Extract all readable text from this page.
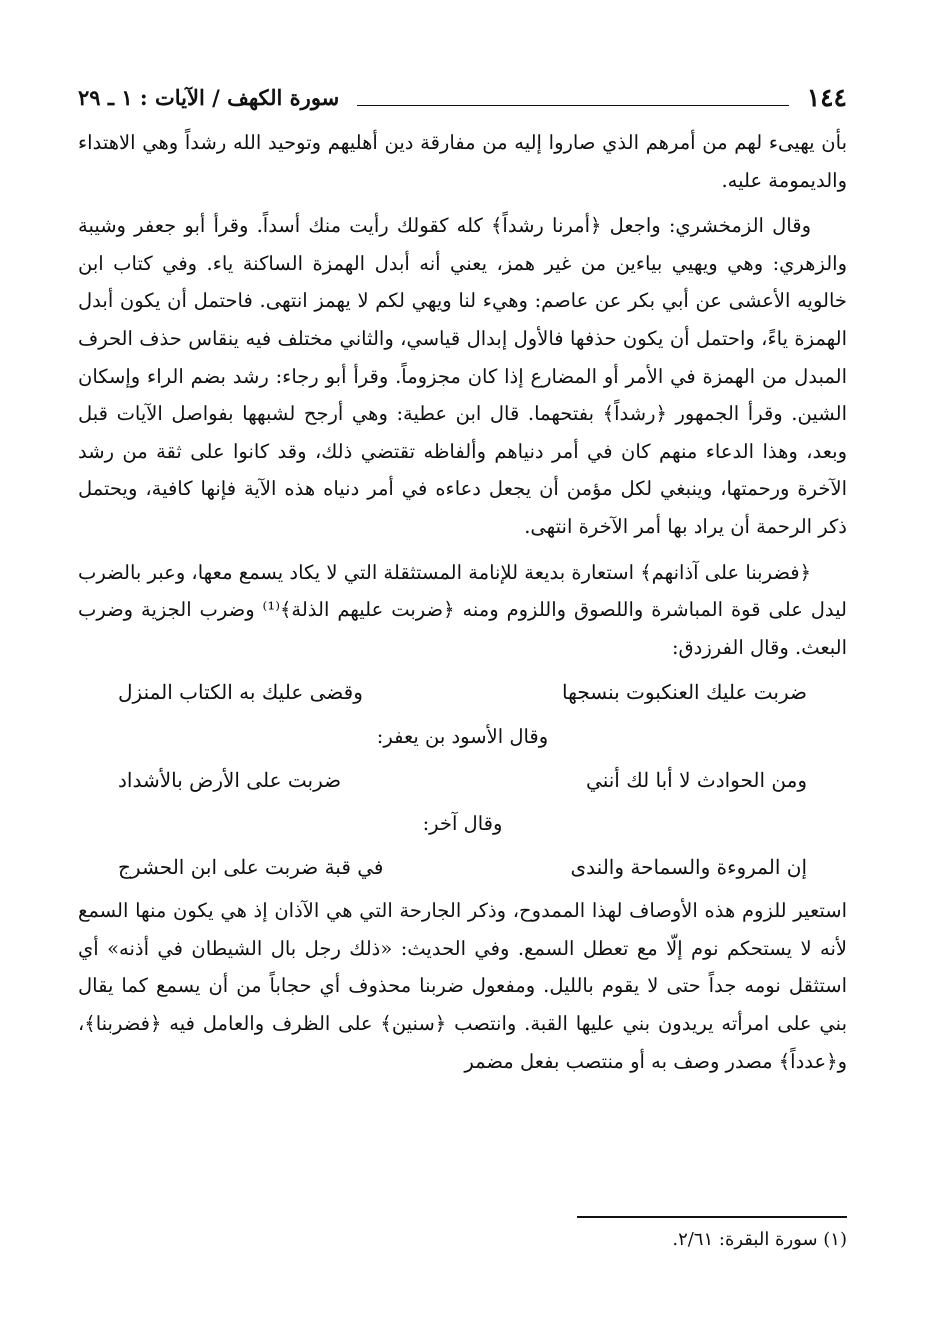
١٤٤
سورة الكهف / الآيات : ١ ـ ٢٩

بأن يهيىء لهم من أمرهم الذي صاروا إليه من مفارقة دين أهليهم وتوحيد الله رشداً وهي الاهتداء والديمومة عليه.

وقال الزمخشري: واجعل ﴿أمرنا رشداً﴾ كله كقولك رأيت منك أسداً. وقرأ أبو جعفر وشيبة والزهري: وهي ويهيي بياءين من غير همز، يعني أنه أبدل الهمزة الساكنة ياء. وفي كتاب ابن خالويه الأعشى عن أبي بكر عن عاصم: وهيء لنا ويهي لكم لا يهمز انتهى. فاحتمل أن يكون أبدل الهمزة ياءً، واحتمل أن يكون حذفها فالأول إبدال قياسي، والثاني مختلف فيه ينقاس حذف الحرف المبدل من الهمزة في الأمر أو المضارع إذا كان مجزوماً. وقرأ أبو رجاء: رشد بضم الراء وإسكان الشين. وقرأ الجمهور ﴿رشداً﴾ بفتحهما. قال ابن عطية: وهي أرجح لشبهها بفواصل الآيات قبل وبعد، وهذا الدعاء منهم كان في أمر دنياهم وألفاظه تقتضي ذلك، وقد كانوا على ثقة من رشد الآخرة ورحمتها، وينبغي لكل مؤمن أن يجعل دعاءه في أمر دنياه هذه الآية فإنها كافية، ويحتمل ذكر الرحمة أن يراد بها أمر الآخرة انتهى.

﴿فضربنا على آذانهم﴾ استعارة بديعة للإنامة المستثقلة التي لا يكاد يسمع معها، وعبر بالضرب ليدل على قوة المباشرة واللصوق واللزوم ومنه ﴿ضربت عليهم الذلة﴾⁽¹⁾ وضرب الجزية وضرب البعث. وقال الفرزدق:

ضربت عليك العنكبوت بنسجها
وقضى عليك به الكتاب المنزل
وقال الأسود بن يعفر:
ومن الحوادث لا أبا لك أنني
ضربت على الأرض بالأشداد
وقال آخر:
إن المروءة والسماحة والندى
في قبة ضربت على ابن الحشرج

استعير للزوم هذه الأوصاف لهذا الممدوح، وذكر الجارحة التي هي الآذان إذ هي يكون منها السمع لأنه لا يستحكم نوم إلّا مع تعطل السمع. وفي الحديث: «ذلك رجل بال الشيطان في أذنه» أي استثقل نومه جداً حتى لا يقوم بالليل. ومفعول ضربنا محذوف أي حجاباً من أن يسمع كما يقال بني على امرأته يريدون بني عليها القبة. وانتصب ﴿سنين﴾ على الظرف والعامل فيه ﴿فضربنا﴾، و﴿عدداً﴾ مصدر وصف به أو منتصب بفعل مضمر

(١) سورة البقرة: ٢/٦١.
